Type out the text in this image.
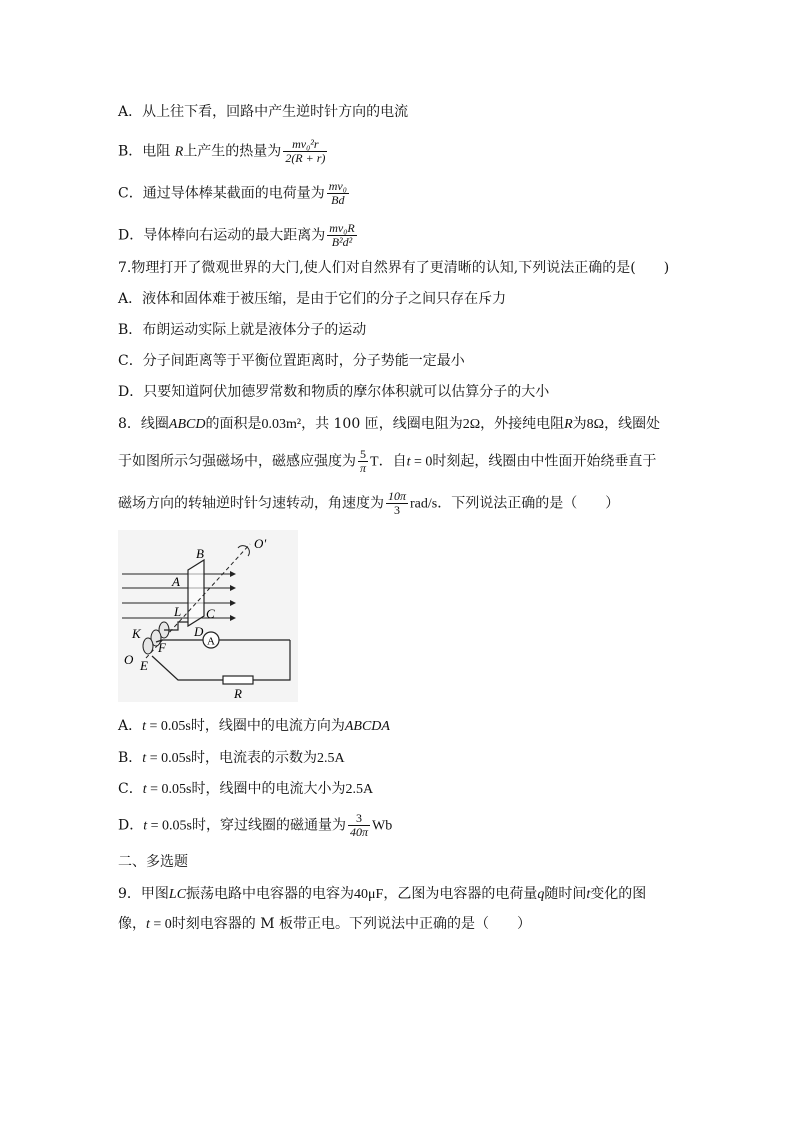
A．从上往下看，回路中产生逆时针方向的电流
B．电阻 R上产生的热量为 $\frac{\text{mv₀²r}}{2(R + r)}$
C．通过导体棒某截面的电荷量为 $\frac{\text{mv₀}}{Bd}$
D．导体棒向右运动的最大距离为 $\frac{\text{mv₀R}}{\text{B²d²}}$
7.物理打开了微观世界的大门,使人们对自然界有了更清晰的认知,下列说法正确的是(　　)
A．液体和固体难于被压缩，是由于它们的分子之间只存在斥力
B．布朗运动实际上就是液体分子的运动
C．分子间距离等于平衡位置距离时，分子势能一定最小
D．只要知道阿伏加德罗常数和物质的摩尔体积就可以估算分子的大小
8．线圈ABCD的面积是0.03m²，共 100 匝，线圈电阻为2Ω，外接纯电阻R为8Ω，线圈处
于如图所示匀强磁场中，磁感应强度为 $\frac{5}{\pi}$ T．自t = 0时刻起，线圈由中性面开始绕垂直于
磁场方向的转轴逆时针匀速转动，角速度为 $\frac{10\pi}{3} rad/s$．下列说法正确的是（　　）
A
O'
B
A
L C
D
K
F
O E
R
A．t = 0.05s时，线圈中的电流方向为ABCDA
B．t = 0.05s时，电流表的示数为2.5A
C．t = 0.05s时，线圈中的电流大小为2.5A
D．t = 0.05s时，穿过线圈的磁通量为 $\frac{3}{40\pi}$ Wb
二、多选题
9．甲图LC振荡电路中电容器的电容为40μF，乙图为电容器的电荷量q随时间t变化的图
像，t = 0时刻电容器的 M 板带正电。下列说法中正确的是（　　）
